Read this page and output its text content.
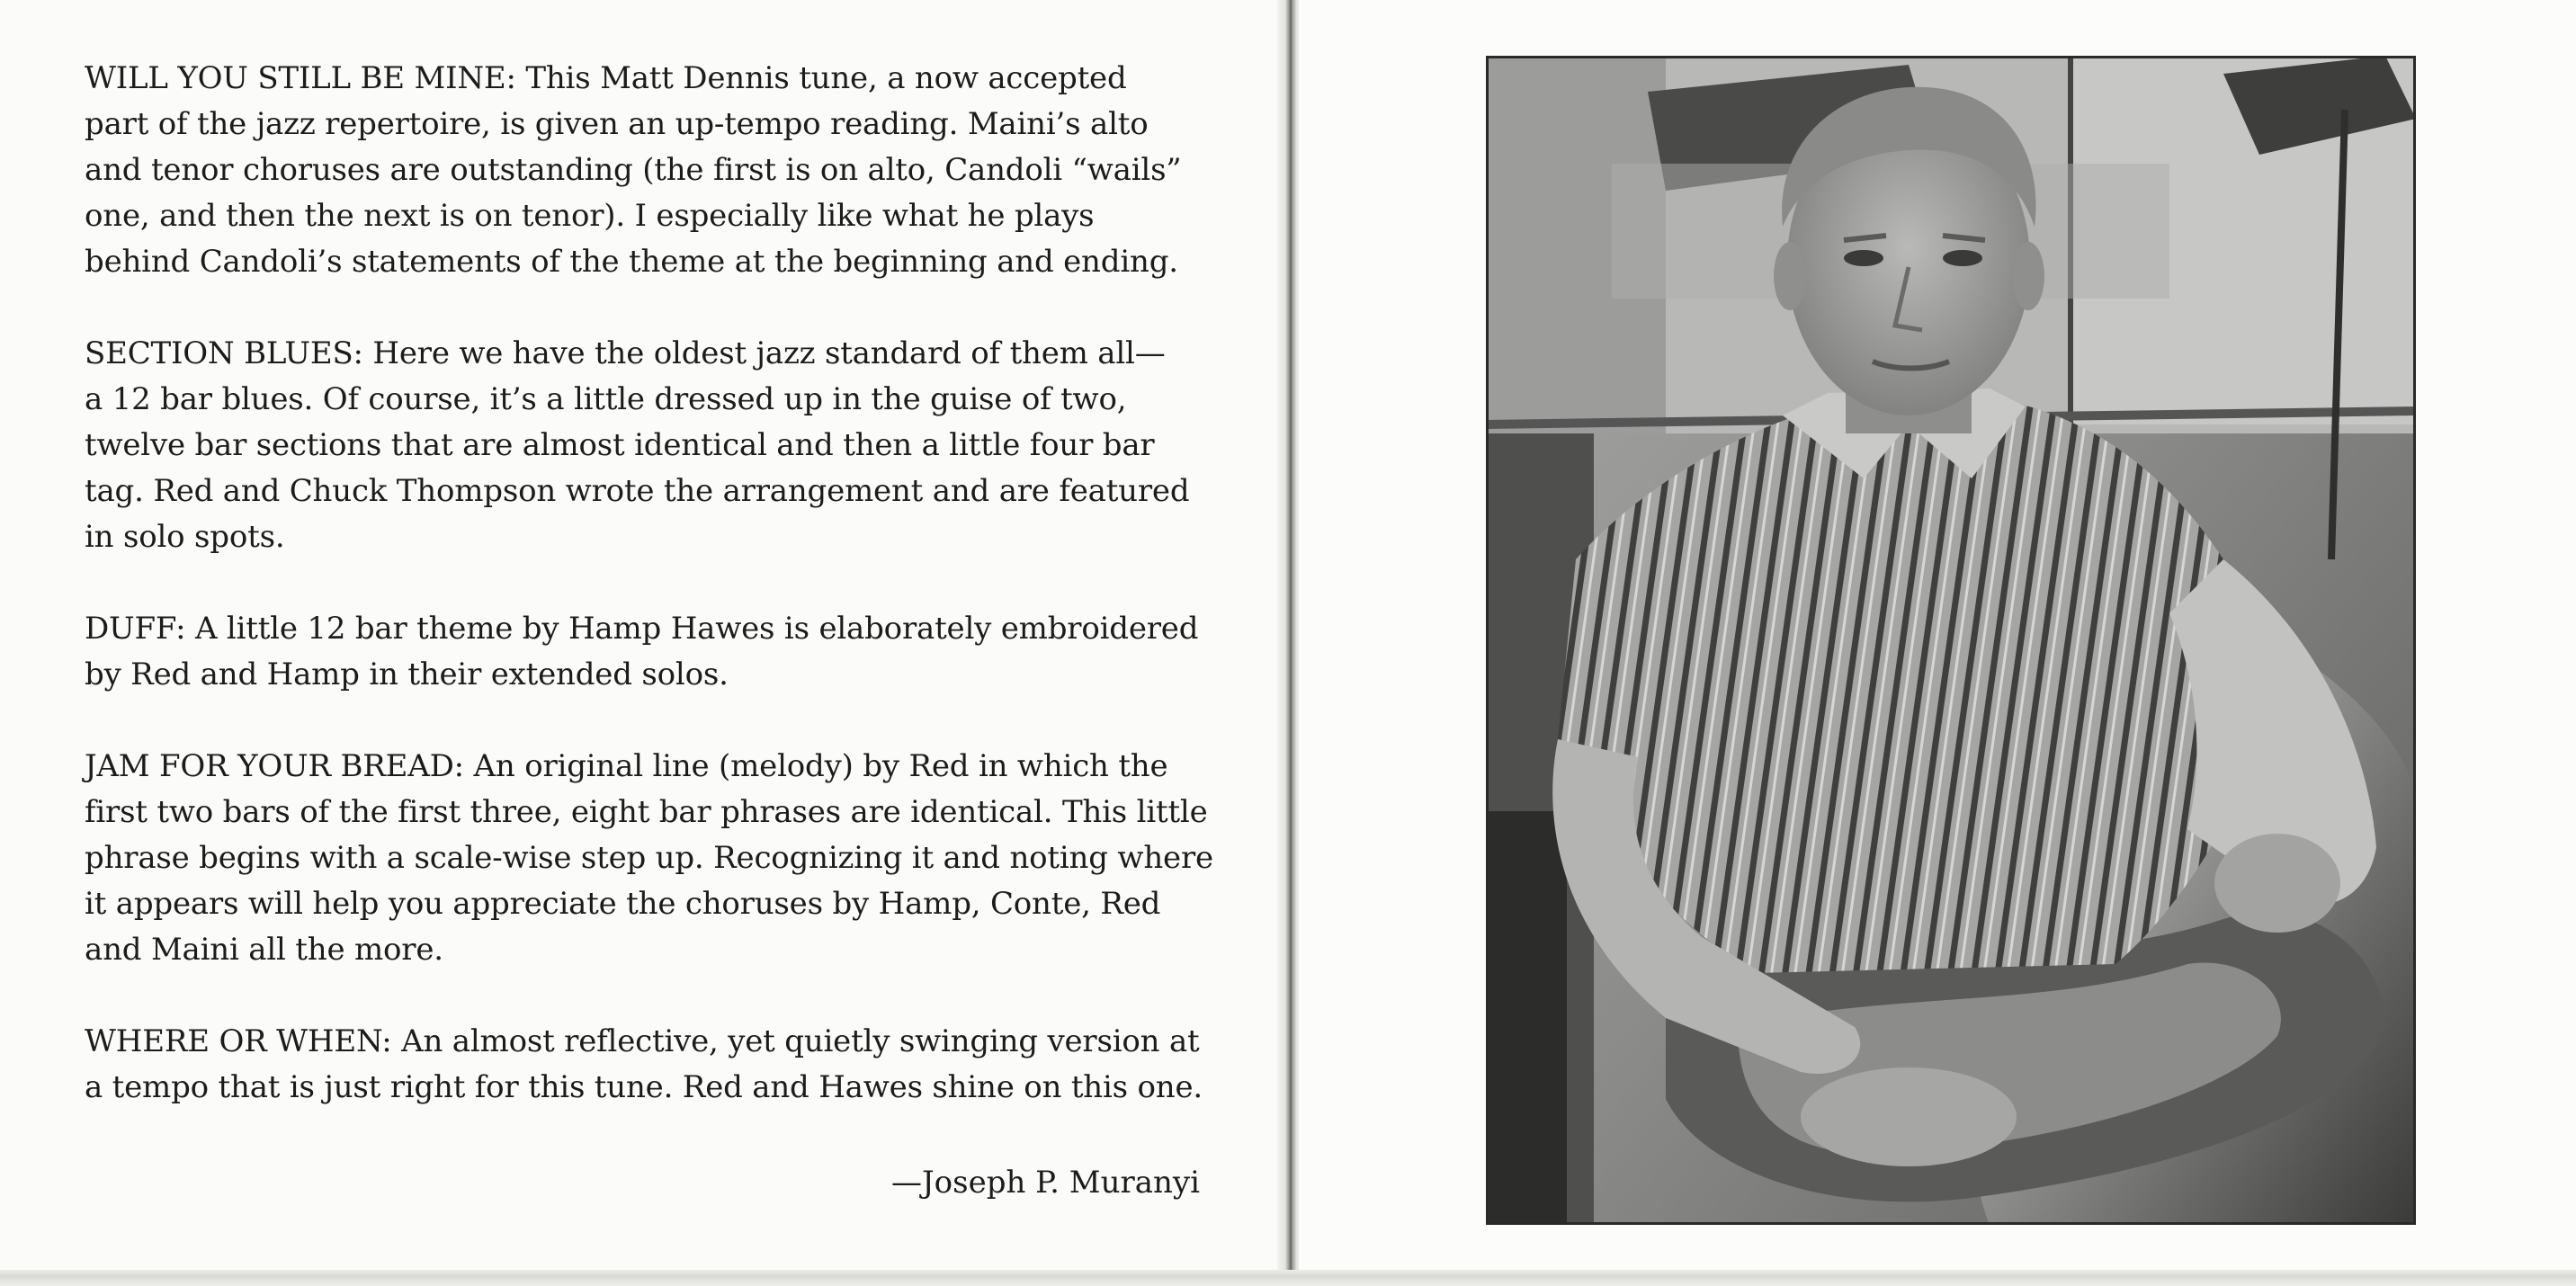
WILL YOU STILL BE MINE: This Matt Dennis tune, a now accepted
part of the jazz repertoire, is given an up-tempo reading. Maini’s alto
and tenor choruses are outstanding (the first is on alto, Candoli “wails”
one, and then the next is on tenor). I especially like what he plays
behind Candoli’s statements of the theme at the beginning and ending.

SECTION BLUES: Here we have the oldest jazz standard of them all—
a 12 bar blues. Of course, it’s a little dressed up in the guise of two,
twelve bar sections that are almost identical and then a little four bar
tag. Red and Chuck Thompson wrote the arrangement and are featured
in solo spots.

DUFF: A little 12 bar theme by Hamp Hawes is elaborately embroidered
by Red and Hamp in their extended solos.

JAM FOR YOUR BREAD: An original line (melody) by Red in which the
first two bars of the first three, eight bar phrases are identical. This little
phrase begins with a scale-wise step up. Recognizing it and noting where
it appears will help you appreciate the choruses by Hamp, Conte, Red
and Maini all the more.

WHERE OR WHEN: An almost reflective, yet quietly swinging version at
a tempo that is just right for this tune. Red and Hawes shine on this one.

—Joseph P. Muranyi
